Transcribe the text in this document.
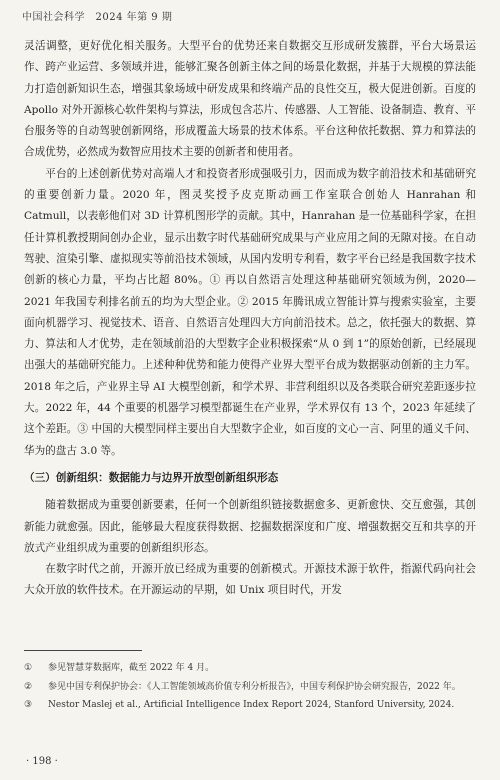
中国社会科学　2024 年第 9 期

灵活调整，更好优化相关服务。大型平台的优势还来自数据交互形成研发簇群，平台大场景运作、跨产业运营、多领域并进，能够汇聚各创新主体之间的场景化数据，并基于大规模的算法能力打造创新知识生态，增强其象场域中研发成果和终端产品的良性交互，极大促进创新。百度的 Apollo 对外开源核心软件架构与算法，形成包含芯片、传感器、人工智能、设备制造、教育、平台服务等的自动驾驶创新网络，形成覆盖大场景的技术体系。平台这种依托数据、算力和算法的合成优势，必然成为数智应用技术主要的创新者和使用者。

平台的上述创新优势对高端人才和投资者形成强吸引力，因而成为数字前沿技术和基础研究的重要创新力量。2020 年，图灵奖授予皮克斯动画工作室联合创始人 Hanrahan 和 Catmull，以表彰他们对 3D 计算机图形学的贡献。其中，Hanrahan 是一位基础科学家，在担任计算机教授期间创办企业，显示出数字时代基础研究成果与产业应用之间的无隙对接。在自动驾驶、渲染引擎、虚拟现实等前沿技术领域，从国内发明专利看，数字平台已经是我国数字技术创新的核心力量，平均占比超 80%。① 再以自然语言处理这种基础研究领域为例，2020—2021 年我国专利排名前五的均为大型企业。② 2015 年腾讯成立智能计算与搜索实验室，主要面向机器学习、视觉技术、语音、自然语言处理四大方向前沿技术。总之，依托强大的数据、算力、算法和人才优势，走在领域前沿的大型数字企业积极探索“从 0 到 1”的原始创新，已经展现出强大的基础研究能力。上述种种优势和能力使得产业界大型平台成为数据驱动创新的主力军。2018 年之后，产业界主导 AI 大模型创新，和学术界、非营利组织以及各类联合研究差距逐步拉大。2022 年，44 个重要的机器学习模型都诞生在产业界，学术界仅有 13 个，2023 年延续了这个差距。③ 中国的大模型同样主要出自大型数字企业，如百度的文心一言、阿里的通义千问、华为的盘古 3.0 等。

（三）创新组织：数据能力与边界开放型创新组织形态

随着数据成为重要创新要素，任何一个创新组织链接数据愈多、更新愈快、交互愈强，其创新能力就愈强。因此，能够最大程度获得数据、挖掘数据深度和广度、增强数据交互和共享的开放式产业组织成为重要的创新组织形态。

在数字时代之前，开源开放已经成为重要的创新模式。开源技术源于软件，指源代码向社会大众开放的软件技术。在开源运动的早期，如 Unix 项目时代，开发

①	参见智慧芽数据库，截至 2022 年 4 月。
②	参见中国专利保护协会：《人工智能领域高价值专利分析报告》，中国专利保护协会研究报告，2022 年。
③	Nestor Maslej et al., Artificial Intelligence Index Report 2024, Stanford University, 2024.
· 198 ·
